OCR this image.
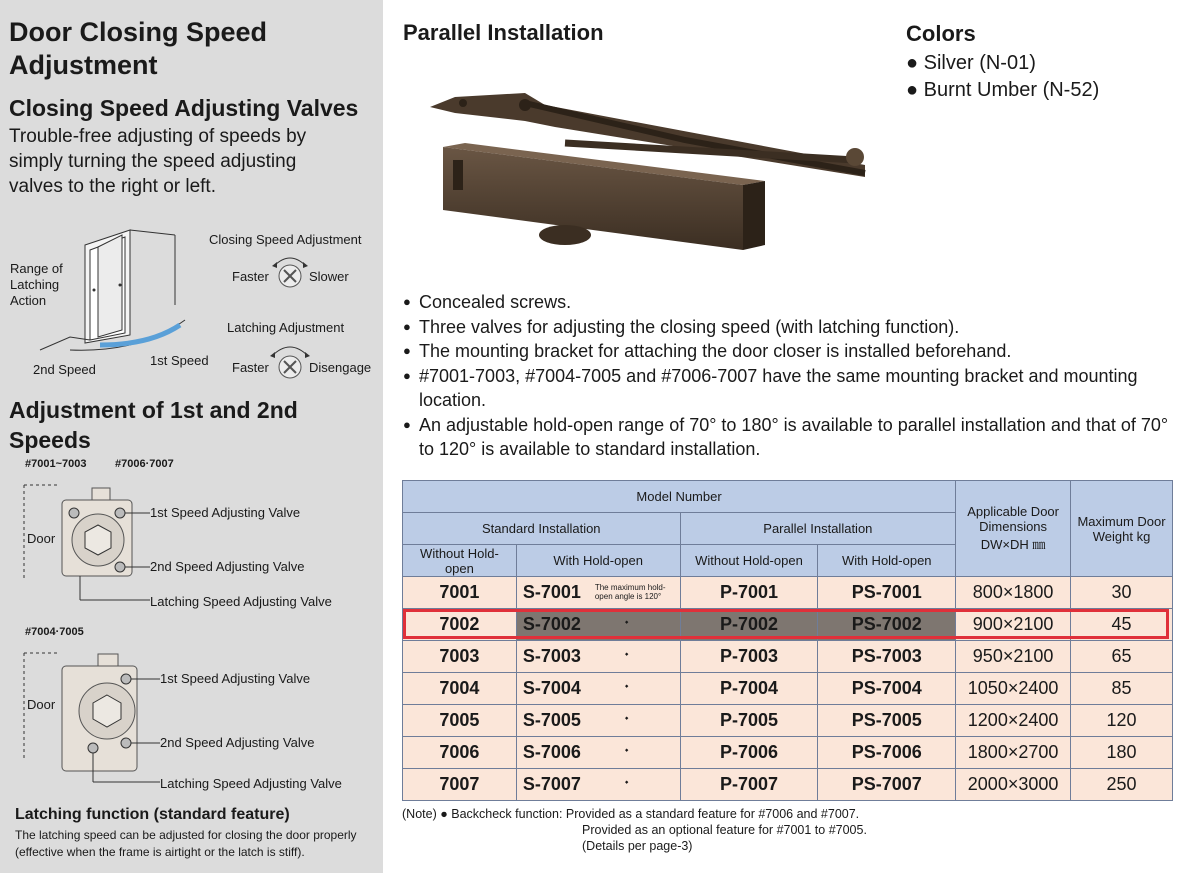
Door Closing Speed Adjustment
Closing Speed Adjusting Valves
Trouble-free adjusting of speeds by simply turning the speed adjusting valves to the right or left.
Range of Latching Action
2nd Speed
1st Speed
Closing Speed Adjustment
Faster	Slower
Latching Adjustment
Faster	Disengage
Adjustment of 1st and 2nd Speeds
#7001~7003	#7006·7007
Door
1st Speed Adjusting Valve
2nd Speed Adjusting Valve
Latching Speed Adjusting Valve
#7004·7005
Door
1st Speed Adjusting Valve
2nd Speed Adjusting Valve
Latching Speed Adjusting Valve
Latching function (standard feature)
The latching speed can be adjusted for closing the door properly
(effective when the frame is airtight or the latch is stiff).
Parallel Installation	Colors
● Silver (N-01)
● Burnt Umber (N-52)
● Concealed screws.
● Three valves for adjusting the closing speed (with latching function).
● The mounting bracket for attaching the door closer is installed beforehand.
● #7001-7003, #7004-7005 and #7006-7007 have the same mounting bracket and mounting location.
● An adjustable hold-open range of 70° to 180° is available to parallel installation and that of 70° to 120° is available to standard installation.
Model Number				Applicable Door Dimensions DW×DH ㎜	Maximum Door Weight kg
Standard Installation		Parallel Installation			
Without Hold-open	With Hold-open	Without Hold-open	With Hold-open		
7001	S-7001 The maximum hold-open angle is 120°	P-7001	PS-7001	800×1800	30
7002	S-7002 ⬩	P-7002	PS-7002	900×2100	45
7003	S-7003 ⬩	P-7003	PS-7003	950×2100	65
7004	S-7004 ⬩	P-7004	PS-7004	1050×2400	85
7005	S-7005 ⬩	P-7005	PS-7005	1200×2400	120
7006	S-7006 ⬩	P-7006	PS-7006	1800×2700	180
7007	S-7007 ⬩	P-7007	PS-7007	2000×3000	250
(Note) ● Backcheck function: Provided as a standard feature for #7006 and #7007.
Provided as an optional feature for #7001 to #7005.
(Details per page-3)
